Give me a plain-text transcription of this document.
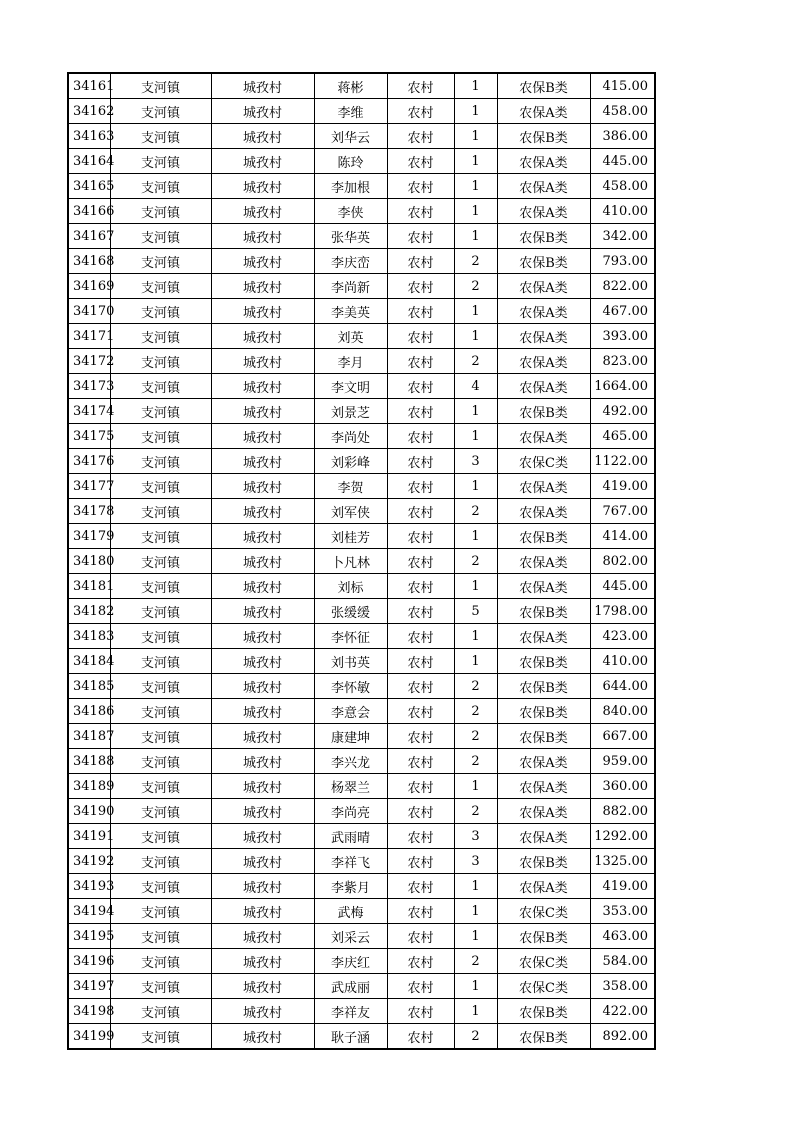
34161	支河镇	城孜村	蒋彬	农村	1	农保B类	415.00
34162	支河镇	城孜村	李维	农村	1	农保A类	458.00
34163	支河镇	城孜村	刘华云	农村	1	农保B类	386.00
34164	支河镇	城孜村	陈玲	农村	1	农保A类	445.00
34165	支河镇	城孜村	李加根	农村	1	农保A类	458.00
34166	支河镇	城孜村	李侠	农村	1	农保A类	410.00
34167	支河镇	城孜村	张华英	农村	1	农保B类	342.00
34168	支河镇	城孜村	李庆峦	农村	2	农保B类	793.00
34169	支河镇	城孜村	李尚新	农村	2	农保A类	822.00
34170	支河镇	城孜村	李美英	农村	1	农保A类	467.00
34171	支河镇	城孜村	刘英	农村	1	农保A类	393.00
34172	支河镇	城孜村	李月	农村	2	农保A类	823.00
34173	支河镇	城孜村	李文明	农村	4	农保A类	1664.00
34174	支河镇	城孜村	刘景芝	农村	1	农保B类	492.00
34175	支河镇	城孜村	李尚处	农村	1	农保A类	465.00
34176	支河镇	城孜村	刘彩峰	农村	3	农保C类	1122.00
34177	支河镇	城孜村	李贺	农村	1	农保A类	419.00
34178	支河镇	城孜村	刘军侠	农村	2	农保A类	767.00
34179	支河镇	城孜村	刘桂芳	农村	1	农保B类	414.00
34180	支河镇	城孜村	卜凡林	农村	2	农保A类	802.00
34181	支河镇	城孜村	刘标	农村	1	农保A类	445.00
34182	支河镇	城孜村	张缓缓	农村	5	农保B类	1798.00
34183	支河镇	城孜村	李怀征	农村	1	农保A类	423.00
34184	支河镇	城孜村	刘书英	农村	1	农保B类	410.00
34185	支河镇	城孜村	李怀敏	农村	2	农保B类	644.00
34186	支河镇	城孜村	李意会	农村	2	农保B类	840.00
34187	支河镇	城孜村	康建坤	农村	2	农保B类	667.00
34188	支河镇	城孜村	李兴龙	农村	2	农保A类	959.00
34189	支河镇	城孜村	杨翠兰	农村	1	农保A类	360.00
34190	支河镇	城孜村	李尚亮	农村	2	农保A类	882.00
34191	支河镇	城孜村	武雨晴	农村	3	农保A类	1292.00
34192	支河镇	城孜村	李祥飞	农村	3	农保B类	1325.00
34193	支河镇	城孜村	李紫月	农村	1	农保A类	419.00
34194	支河镇	城孜村	武梅	农村	1	农保C类	353.00
34195	支河镇	城孜村	刘采云	农村	1	农保B类	463.00
34196	支河镇	城孜村	李庆红	农村	2	农保C类	584.00
34197	支河镇	城孜村	武成丽	农村	1	农保C类	358.00
34198	支河镇	城孜村	李祥友	农村	1	农保B类	422.00
34199	支河镇	城孜村	耿子涵	农村	2	农保B类	892.00
